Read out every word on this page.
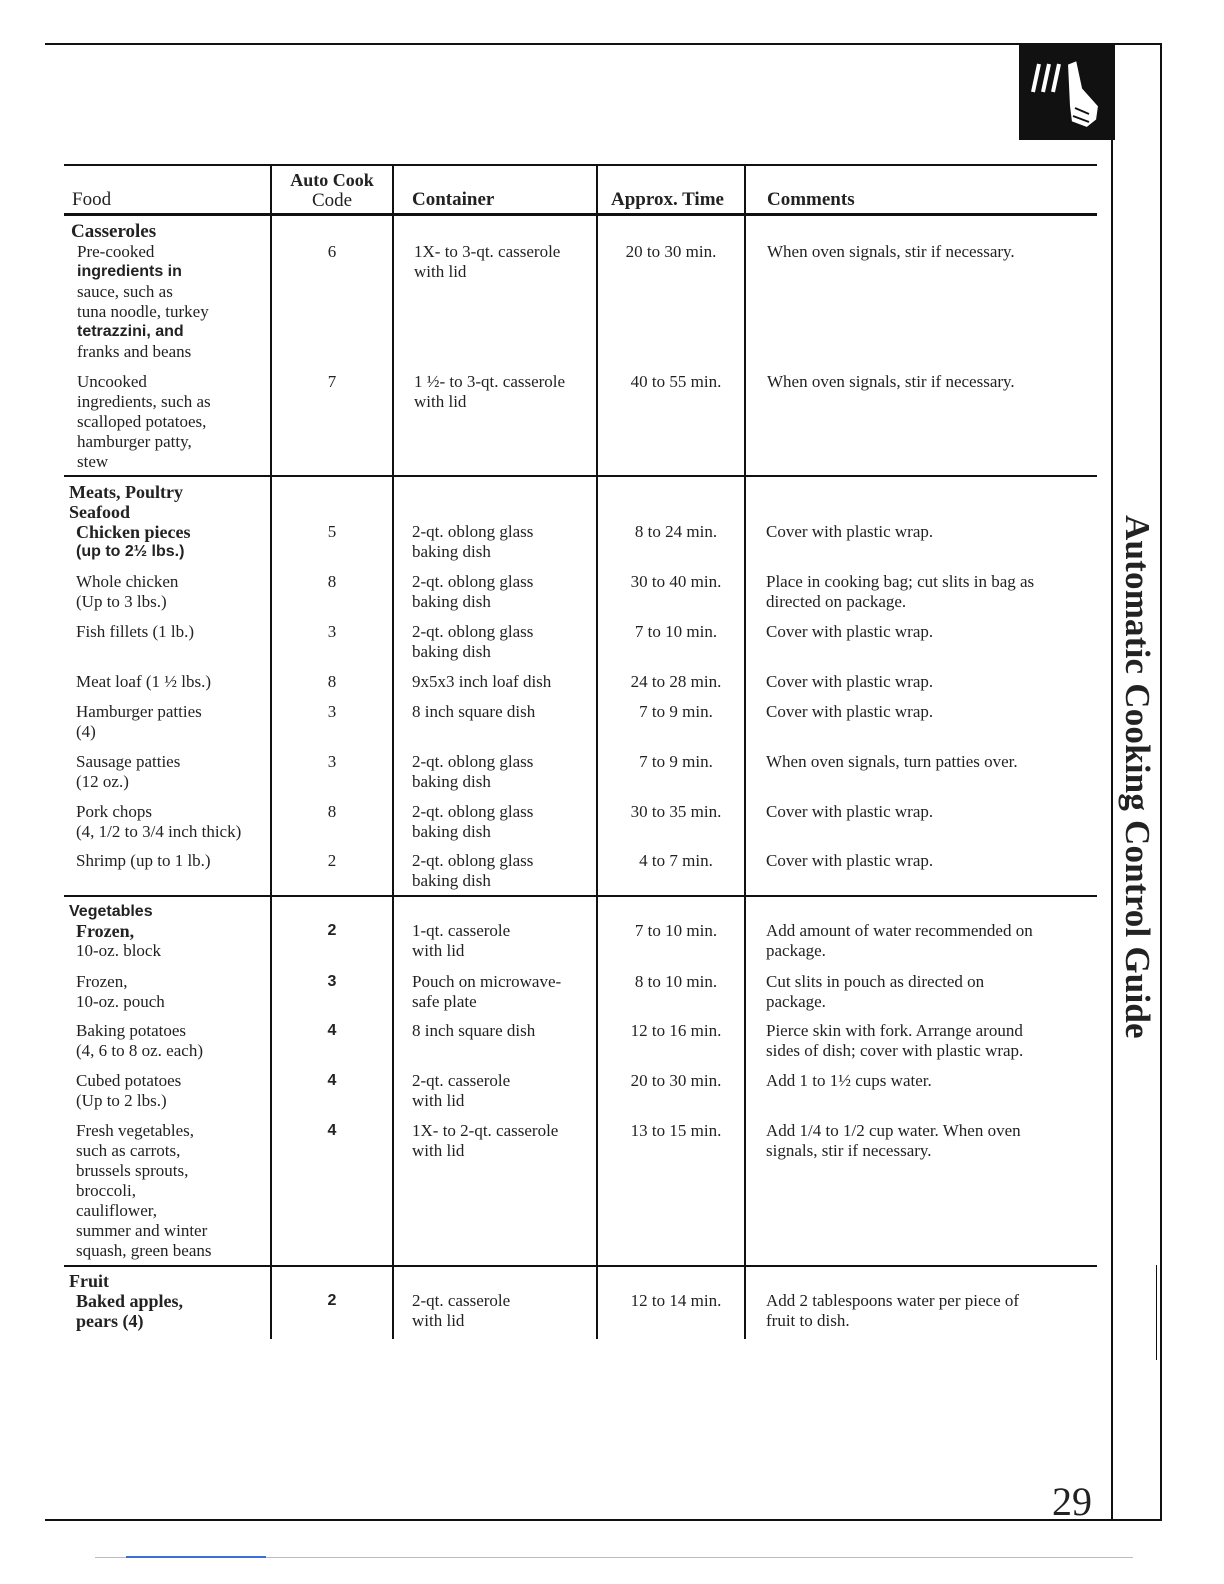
Automatic Cooking Control Guide
Food
Auto Cook
Code	Container	Approx. Time Comments
Casseroles
Meats, Poultry
Seafood
Vegetables
Fruit
Pre-cooked
ingredients in
sauce, such as
tuna noodle, turkey
tetrazzini, and
franks and beans
Uncooked
ingredients, such as
scalloped potatoes,
hamburger patty,
stew
Chicken pieces
(up to 2½ lbs.)
Whole chicken
(Up to 3 lbs.)
Fish fillets (1 lb.)
Meat loaf (1 ½ lbs.)
Hamburger patties
(4)
Sausage patties
(12 oz.)
Pork chops
(4, 1/2 to 3/4 inch thick)
Shrimp (up to 1 lb.)
Frozen,
10-oz. block
Frozen,
10-oz. pouch
Baking potatoes
(4, 6 to 8 oz. each)
Cubed potatoes
(Up to 2 lbs.)
Fresh vegetables,
such as carrots,
brussels sprouts,
broccoli,
cauliflower,
summer and winter
squash, green beans
Baked apples,
pears (4)
6
7
5
8
3
8
3
3
8
2
2
3
4
4
4
2
1X- to 3-qt. casserole
with lid
1 ½- to 3-qt. casserole
with lid
2-qt. oblong glass
baking dish
2-qt. oblong glass
baking dish
2-qt. oblong glass
baking dish
9x5x3 inch loaf dish
8 inch square dish
2-qt. oblong glass
baking dish
2-qt. oblong glass
baking dish
2-qt. oblong glass
baking dish
1-qt. casserole
with lid
Pouch on microwave-
safe plate
8 inch square dish
2-qt. casserole
with lid
1X- to 2-qt. casserole
with lid
2-qt. casserole
with lid
20 to 30 min.
40 to 55 min.
8 to 24 min.
30 to 40 min.
7 to 10 min.
24 to 28 min.
7 to 9 min.
7 to 9 min.
30 to 35 min.
4 to 7 min.
7 to 10 min.
8 to 10 min.
12 to 16 min.
20 to 30 min.
13 to 15 min.
12 to 14 min.
When oven signals, stir if necessary.
When oven signals, stir if necessary.
Cover with plastic wrap.
Place in cooking bag; cut slits in bag as
directed on package.
Cover with plastic wrap.
Cover with plastic wrap.
Cover with plastic wrap.
When oven signals, turn patties over.
Cover with plastic wrap.
Cover with plastic wrap.
Add amount of water recommended on
package.
Cut slits in pouch as directed on
package.
Pierce skin with fork. Arrange around
sides of dish; cover with plastic wrap.
Add 1 to 1½ cups water.
Add 1/4 to 1/2 cup water. When oven
signals, stir if necessary.
Add 2 tablespoons water per piece of
fruit to dish.
29
